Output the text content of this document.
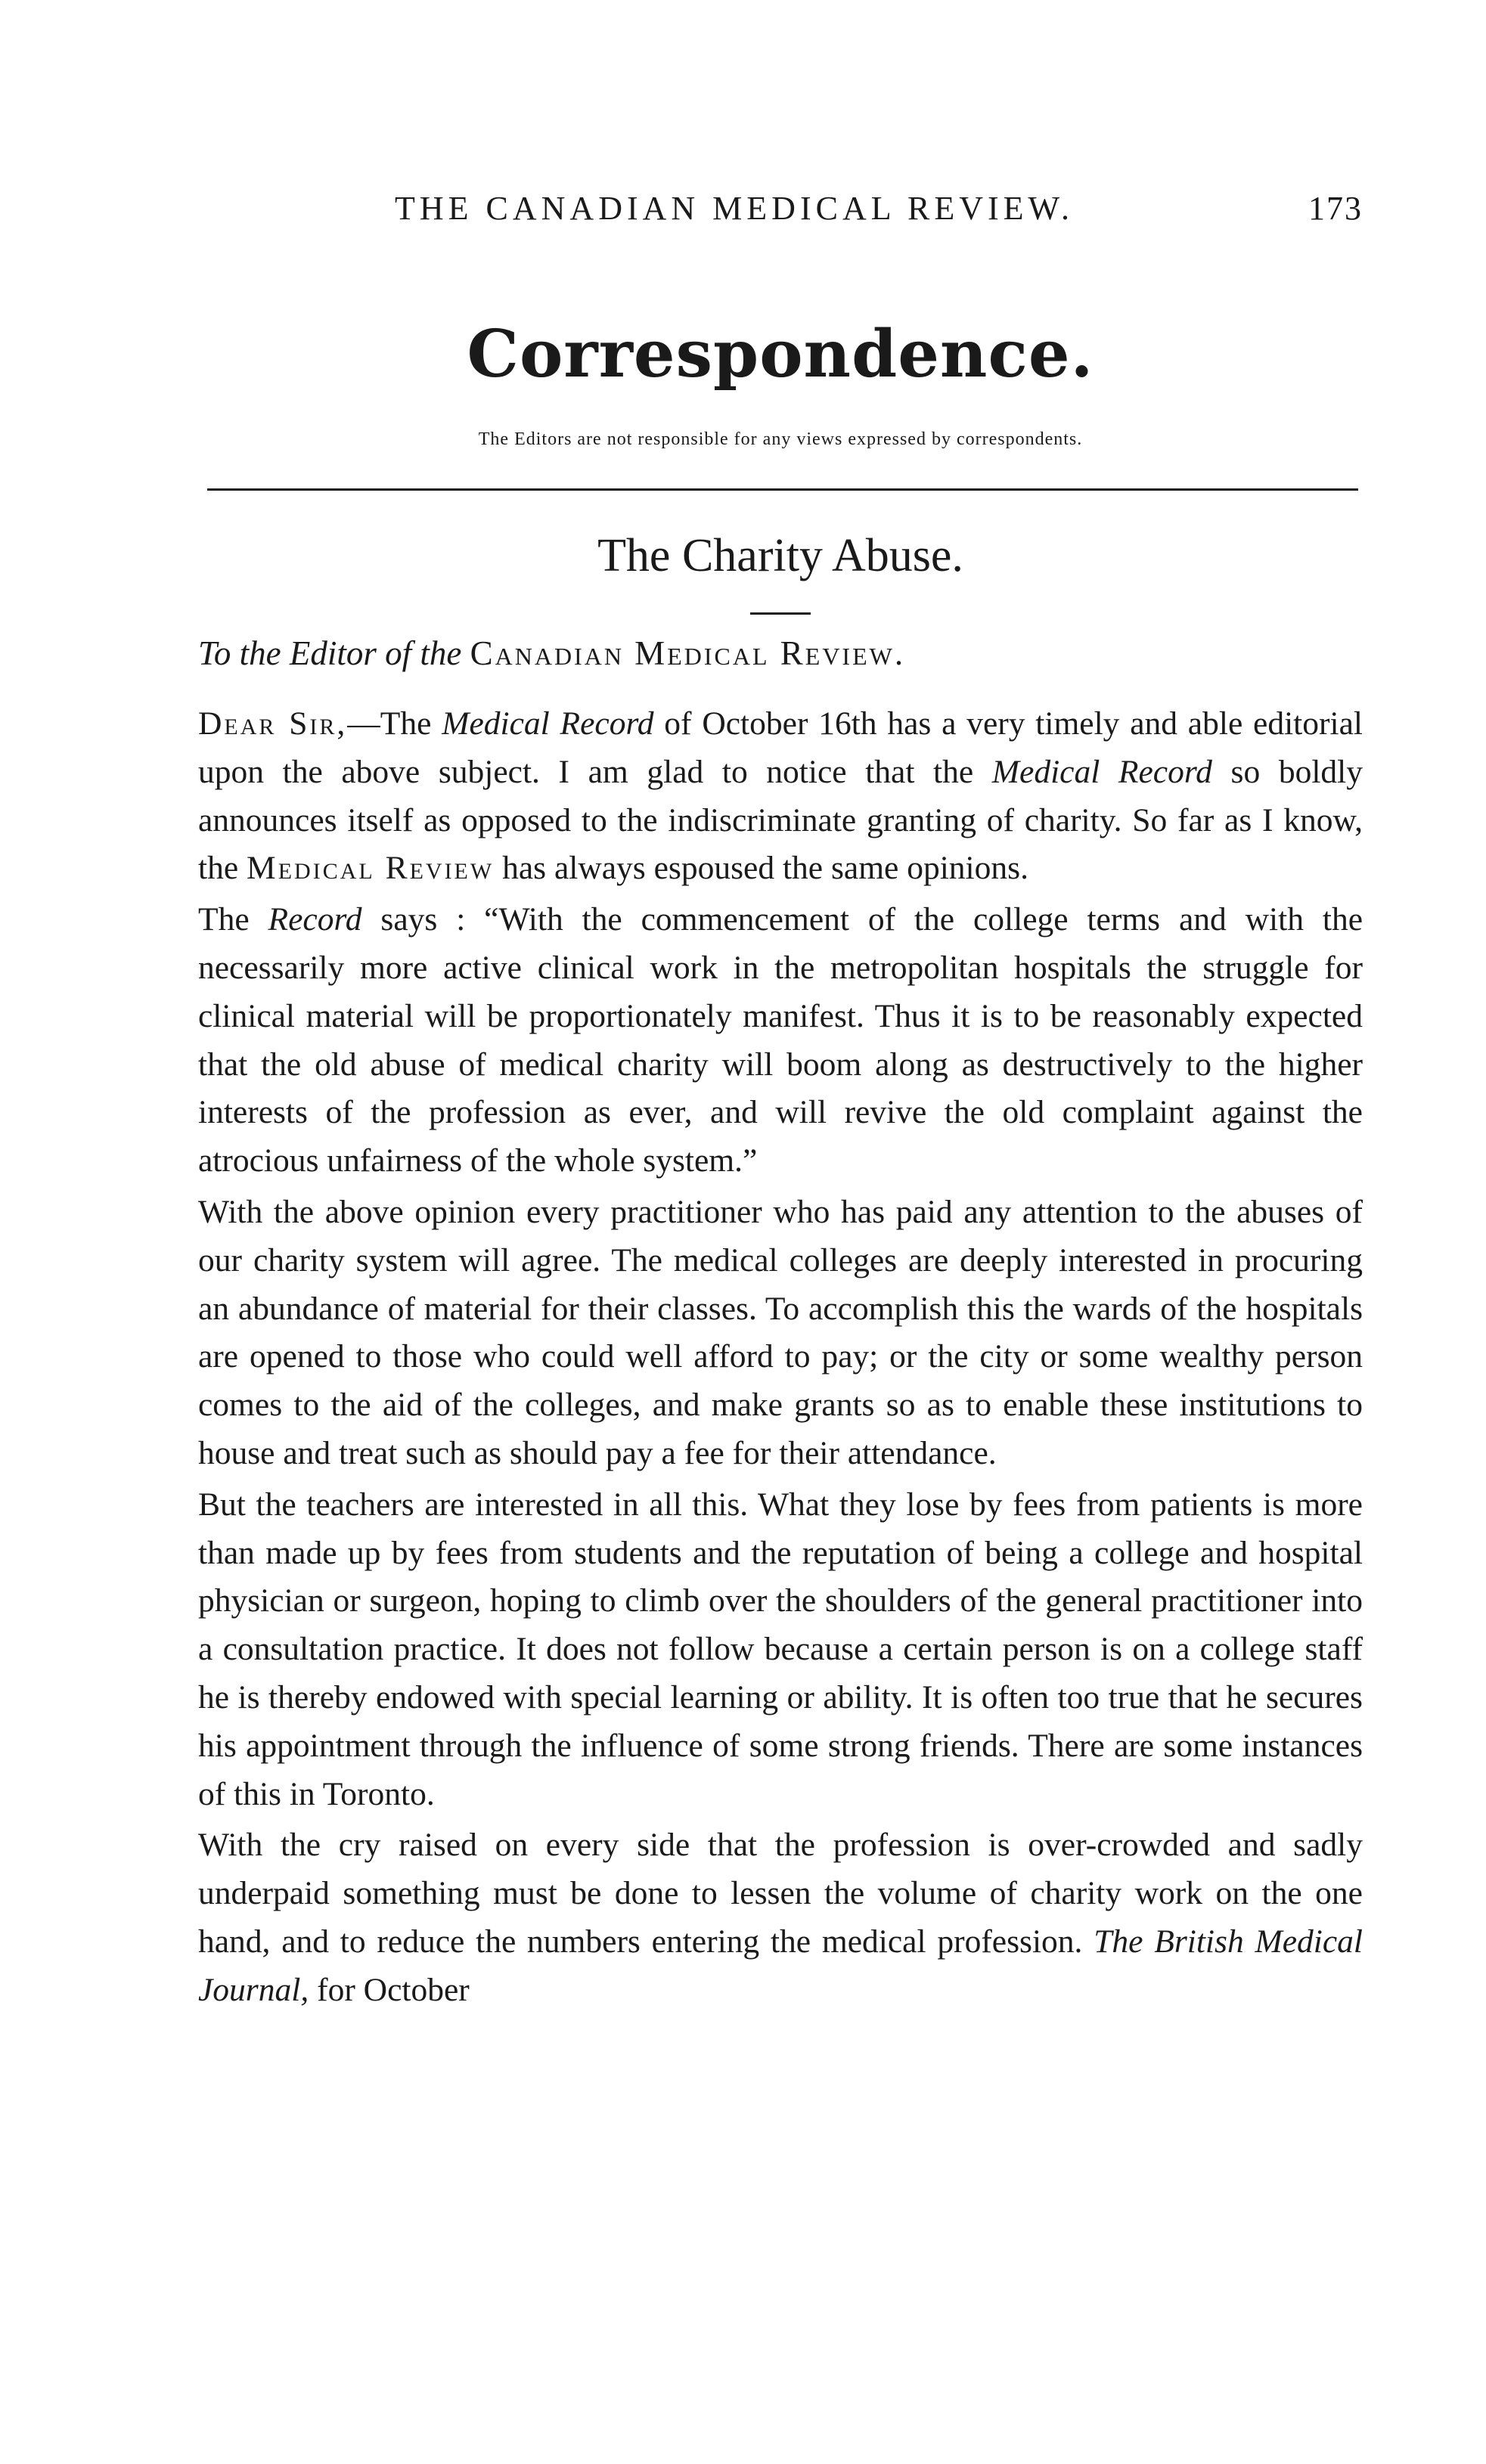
THE CANADIAN MEDICAL REVIEW.	173
Correspondence.
The Editors are not responsible for any views expressed by correspondents.
The Charity Abuse.
To the Editor of the Canadian Medical Review.

Dear Sir,—The Medical Record of October 16th has a very timely and able editorial upon the above subject. I am glad to notice that the Medical Record so boldly announces itself as opposed to the indiscriminate granting of charity. So far as I know, the Medical Review has always espoused the same opinions.

The Record says : “With the commencement of the college terms and with the necessarily more active clinical work in the metropolitan hospitals the struggle for clinical material will be proportionately manifest. Thus it is to be reasonably expected that the old abuse of medical charity will boom along as destructively to the higher interests of the profession as ever, and will revive the old complaint against the atrocious unfairness of the whole system.”

With the above opinion every practitioner who has paid any attention to the abuses of our charity system will agree. The medical colleges are deeply interested in procuring an abundance of material for their classes. To accomplish this the wards of the hospitals are opened to those who could well afford to pay; or the city or some wealthy person comes to the aid of the colleges, and make grants so as to enable these institutions to house and treat such as should pay a fee for their attendance.

But the teachers are interested in all this. What they lose by fees from patients is more than made up by fees from students and the reputation of being a college and hospital physician or surgeon, hoping to climb over the shoulders of the general practitioner into a consultation practice. It does not follow because a certain person is on a college staff he is thereby endowed with special learning or ability. It is often too true that he secures his appointment through the influence of some strong friends. There are some instances of this in Toronto.

With the cry raised on every side that the profession is over-crowded and sadly underpaid something must be done to lessen the volume of charity work on the one hand, and to reduce the numbers entering the medical profession. The British Medical Journal, for October
